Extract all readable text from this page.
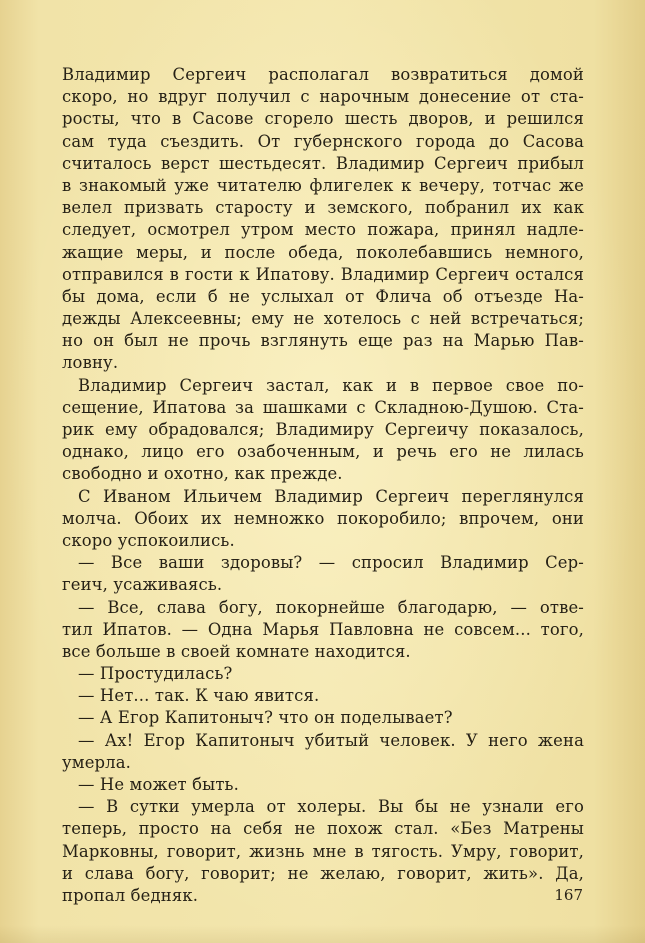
Владимир Сергеич располагал возвратиться домой
скоро, но вдруг получил с нарочным донесение от ста-
росты, что в Сасове сгорело шесть дворов, и решился
сам туда съездить. От губернского города до Сасова
считалось верст шестьдесят. Владимир Сергеич прибыл
в знакомый уже читателю флигелек к вечеру, тотчас же
велел призвать старосту и земского, побранил их как
следует, осмотрел утром место пожара, принял надле-
жащие меры, и после обеда, поколебавшись немного,
отправился в гости к Ипатову. Владимир Сергеич остался
бы дома, если б не услыхал от Флича об отъезде На-
дежды Алексеевны; ему не хотелось с ней встречаться;
но он был не прочь взглянуть еще раз на Марью Пав-
ловну.
Владимир Сергеич застал, как и в первое свое по-
сещение, Ипатова за шашками с Складною-Душою. Ста-
рик ему обрадовался; Владимиру Сергеичу показалось,
однако, лицо его озабоченным, и речь его не лилась
свободно и охотно, как прежде.
С Иваном Ильичем Владимир Сергеич переглянулся
молча. Обоих их немножко покоробило; впрочем, они
скоро успокоились.
— Все ваши здоровы? — спросил Владимир Сер-
геич, усаживаясь.
— Все, слава богу, покорнейше благодарю, — отве-
тил Ипатов. — Одна Марья Павловна не совсем... того,
все больше в своей комнате находится.
— Простудилась?
— Нет... так. К чаю явится.
— А Егор Капитоныч? что он поделывает?
— Ах! Егор Капитоныч убитый человек. У него жена
умерла.
— Не может быть.
— В сутки умерла от холеры. Вы бы не узнали его
теперь, просто на себя не похож стал. «Без Матрены
Марковны, говорит, жизнь мне в тягость. Умру, говорит,
и слава богу, говорит; не желаю, говорит, жить». Да,
пропал бедняк.	167
